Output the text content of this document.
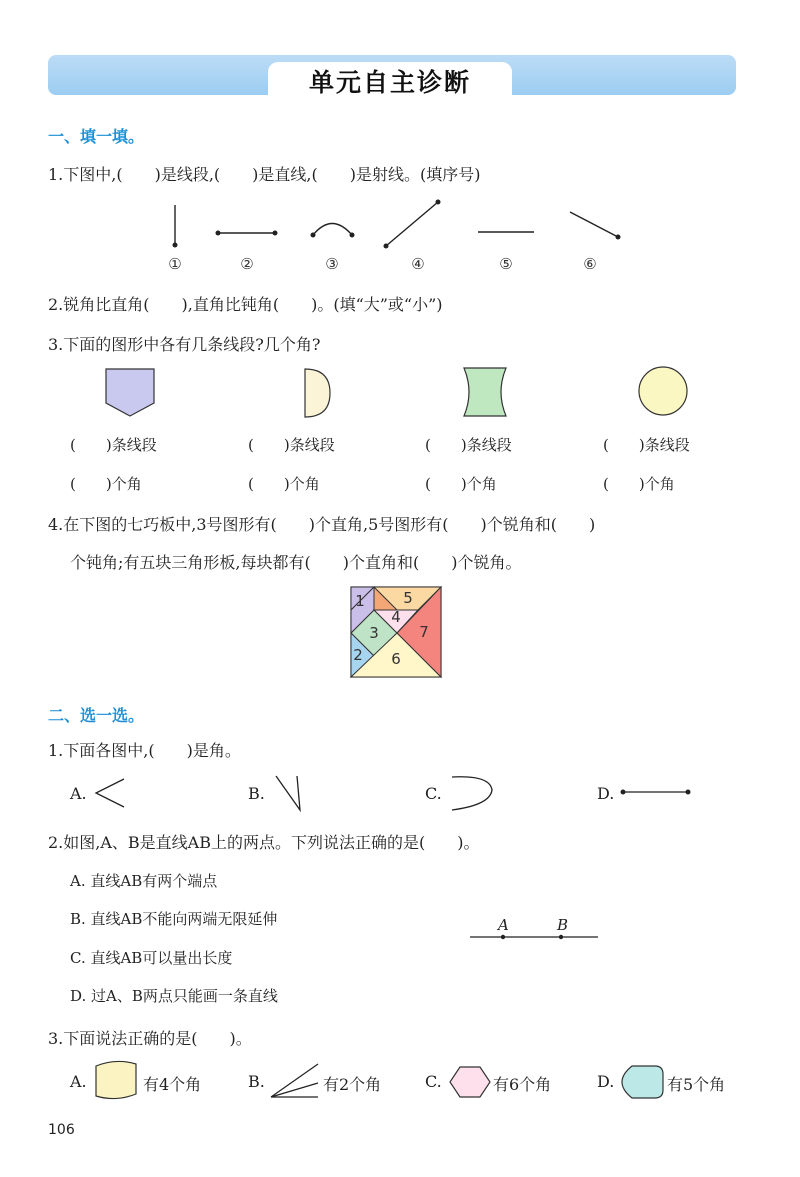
单元自主诊断
一、填一填。
1.下图中,(　　)是线段,(　　)是直线,(　　)是射线。(填序号)
①	②	③	④	⑤	⑥
2.锐角比直角(　　),直角比钝角(　　)。(填“大”或“小”)
3.下面的图形中各有几条线段?几个角?
(　　)条线段	(　　)条线段	(　　)条线段	(　　)条线段
(　　)个角	(　　)个角	(　　)个角	(　　)个角
4.在下图的七巧板中,3号图形有(　　)个直角,5号图形有(　　)个锐角和(　　)
个钝角;有五块三角形板,每块都有(　　)个直角和(　　)个锐角。
1
2
3
4
5
6
7
二、选一选。
1.下面各图中,(　　)是角。
A.	B.	C.	D.
2.如图,A、B是直线AB上的两点。下列说法正确的是(　　)。
A. 直线AB有两个端点
B. 直线AB不能向两端无限延伸
C. 直线AB可以量出长度
D. 过A、B两点只能画一条直线
A	B
3.下面说法正确的是(　　)。
A.	有4个角	B.	有2个角	C.	有6个角	D.	有5个角
106
